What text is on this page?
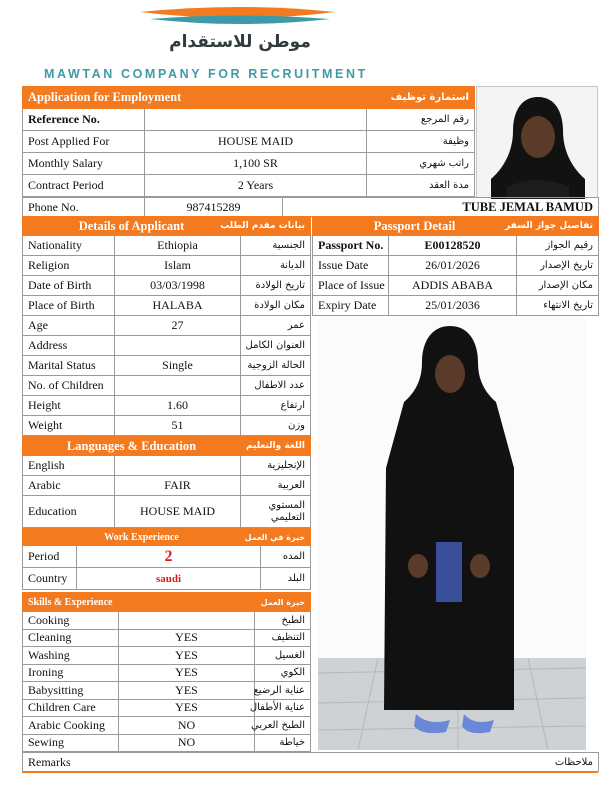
موطن للاستقدام
MAWTAN COMPANY FOR RECRUITMENT
Application for Employment		استمارة توظيف
Reference No.		رقم المرجع
Post Applied For	HOUSE MAID	وظيفة
Monthly Salary	1,100 SR	راتب شهري
Contract Period	2 Years	مدة العقد
Phone No.	987415289	TUBE JEMAL BAMUD
Details of Applicant		بيانات مقدم الطلب
Nationality	Ethiopia	الجنسية
Religion	Islam	الديانة
Date of Birth	03/03/1998	تاريخ الولادة
Place of Birth	HALABA	مكان الولادة
Age	27	عمر
Address		العنوان الكامل
Marital Status	Single	الحالة الزوجية
No. of Children		عدد الاطفال
Height	1.60	ارتفاع
Weight	51	وزن
Passport Detail		تفاصيل جواز السفر
Passport No.	E00128520	رقيم الجواز
Issue Date	26/01/2026	تاريخ الإصدار
Place of Issue	ADDIS ABABA	مكان الإصدار
Expiry Date	25/01/2036	تاريخ الانتهاء
Languages & Education		اللغة والتعليم
English		الإنجليزية
Arabic	FAIR	العربية
Education	HOUSE MAID	المستوي التعليمي
Work Experience		خبرة في العمل
Period	2	المده
Country	saudi	البلد
Skills & Experience		خبرة العمل
Cooking		الطبخ
Cleaning	YES	التنظيف
Washing	YES	الغسيل
Ironing	YES	الكوي
Babysitting	YES	عناية الرضيع
Children Care	YES	عناية الأطفال
Arabic Cooking	NO	الطبخ العربي
Sewing	NO	خياطة
Remarks	ملاحظات
